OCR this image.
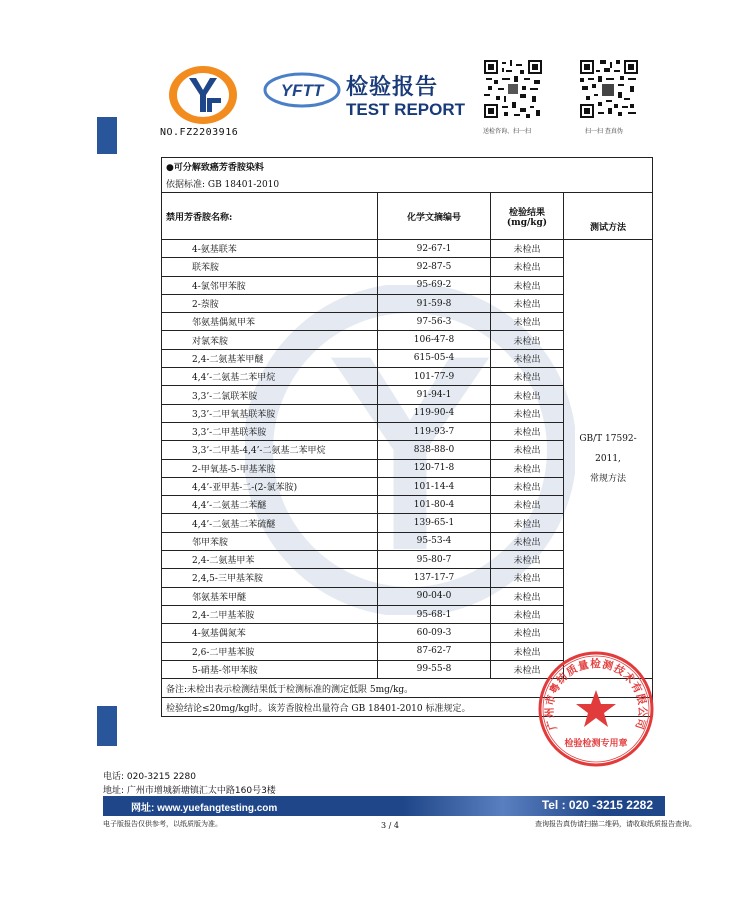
NO.FZ2203916
YFTT 检验报告
TEST REPORT
送检咨询、扫一扫	扫一扫 查真伪
●可分解致癌芳香胺染料			
依据标准: GB 18401-2010			
禁用芳香胺名称:	化学文摘编号	检验结果 (mg/kg)	测试方法
4-氨基联苯	92-67-1	未检出	GB/T 17592-2011,
常规方法

联苯胺	92-87-5	未检出	
4-氯邻甲苯胺	95-69-2	未检出	
2-萘胺	91-59-8	未检出	
邻氨基偶氮甲苯	97-56-3	未检出	
对氯苯胺	106-47-8	未检出	
2,4-二氨基苯甲醚	615-05-4	未检出	
4,4’-二氨基二苯甲烷	101-77-9	未检出	
3,3’-二氯联苯胺	91-94-1	未检出	
3,3’-二甲氧基联苯胺	119-90-4	未检出	
3,3’-二甲基联苯胺	119-93-7	未检出	
3,3’-二甲基-4,4’-二氨基二苯甲烷	838-88-0	未检出	
2-甲氧基-5-甲基苯胺	120-71-8	未检出	
4,4’-亚甲基-二-(2-氯苯胺)	101-14-4	未检出	
4,4’-二氨基二苯醚	101-80-4	未检出	
4,4’-二氨基二苯硫醚	139-65-1	未检出	
邻甲苯胺	95-53-4	未检出	
2,4-二氨基甲苯	95-80-7	未检出	
2,4,5-三甲基苯胺	137-17-7	未检出	
邻氨基苯甲醚	90-04-0	未检出	
2,4-二甲基苯胺	95-68-1	未检出	
4-氨基偶氮苯	60-09-3	未检出	
2,6-二甲基苯胺	87-62-7	未检出	
5-硝基-邻甲苯胺	99-55-8	未检出	
备注:未检出表示检测结果低于检测标准的测定低限 5mg/kg。			
检验结论≤20mg/kg时。该芳香胺检出量符合 GB 18401-2010 标准规定。			
广州市粤纺质量检测技术有限公司
检验检测专用章
电话: 020-3215 2280
地址: 广州市增城新塘镇汇太中路160号3楼
网址: www.yuefangtesting.com	Tel : 020 -3215 2282
电子版报告仅供参考，以纸质版为准。	3 / 4	查询报告真伪请扫描二维码，请收取纸质报告查询。
